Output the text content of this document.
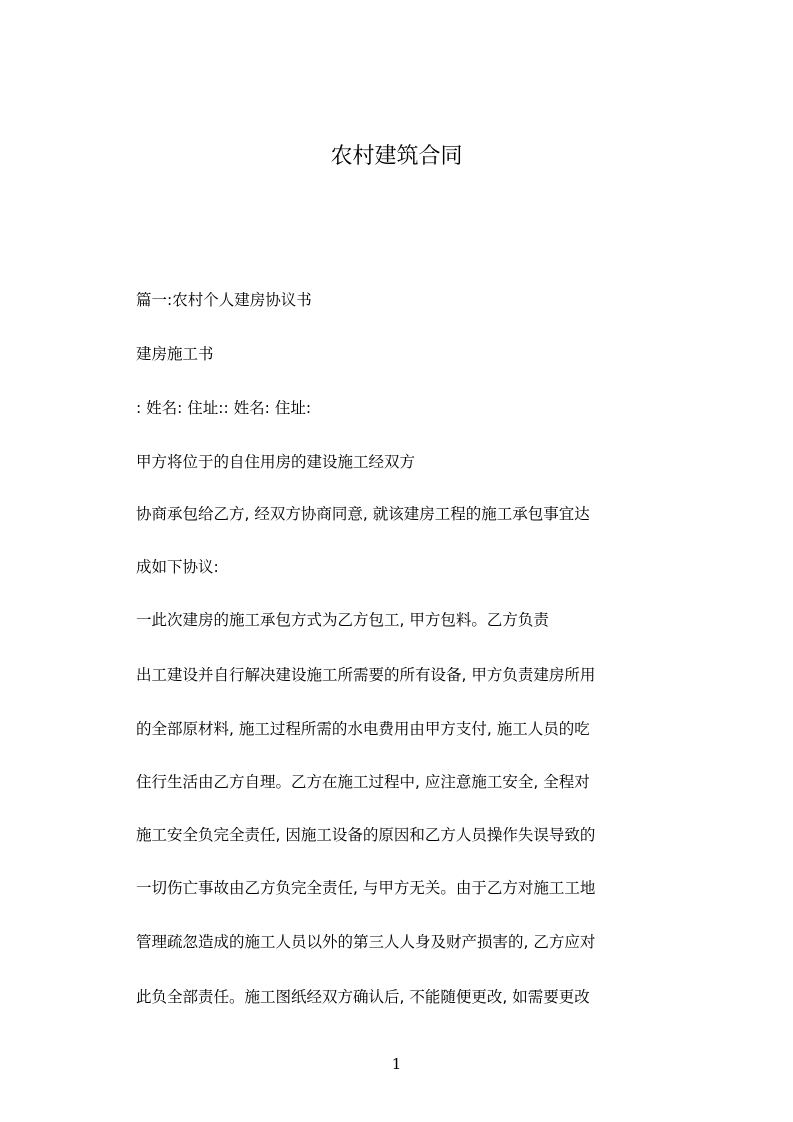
农村建筑合同

篇一:农村个人建房协议书

建房施工书

: 姓名: 住址:: 姓名: 住址:

甲方将位于的自住用房的建设施工经双方

协商承包给乙方, 经双方协商同意, 就该建房工程的施工承包事宜达

成如下协议:

一此次建房的施工承包方式为乙方包工, 甲方包料。乙方负责

出工建设并自行解决建设施工所需要的所有设备, 甲方负责建房所用

的全部原材料, 施工过程所需的水电费用由甲方支付, 施工人员的吃

住行生活由乙方自理。乙方在施工过程中, 应注意施工安全, 全程对

施工安全负完全责任, 因施工设备的原因和乙方人员操作失误导致的

一切伤亡事故由乙方负完全责任, 与甲方无关。由于乙方对施工工地

管理疏忽造成的施工人员以外的第三人人身及财产损害的, 乙方应对

此负全部责任。施工图纸经双方确认后, 不能随便更改, 如需要更改

1
